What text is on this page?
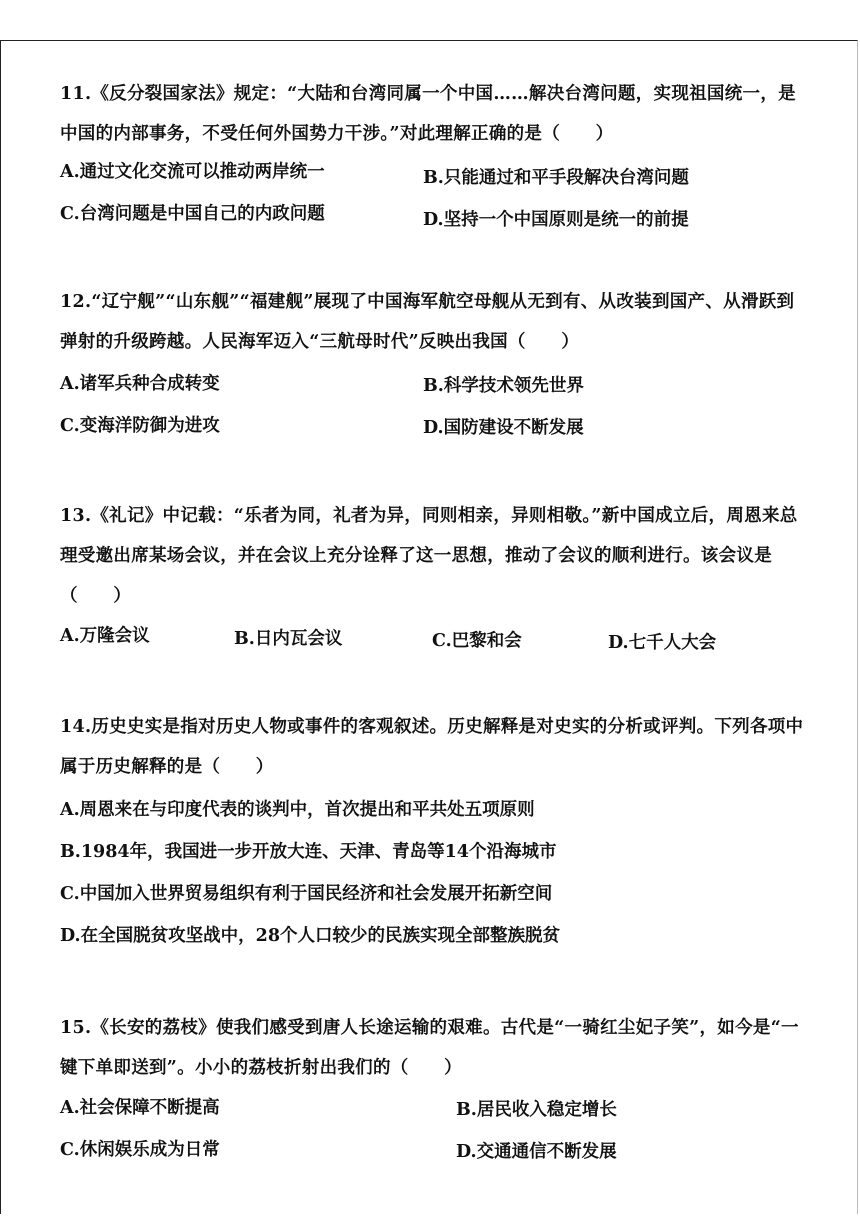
11.《反分裂国家法》规定：“大陆和台湾同属一个中国……解决台湾问题，实现祖国统一，是中国的内部事务，不受任何外国势力干涉。”对此理解正确的是（　　）

A.通过文化交流可以推动两岸统一	B.只能通过和平手段解决台湾问题
C.台湾问题是中国自己的内政问题	D.坚持一个中国原则是统一的前提

12.“辽宁舰”“山东舰”“福建舰”展现了中国海军航空母舰从无到有、从改装到国产、从滑跃到弹射的升级跨越。人民海军迈入“三航母时代”反映出我国（　　）

A.诸军兵种合成转变	B.科学技术领先世界
C.变海洋防御为进攻	D.国防建设不断发展

13.《礼记》中记载：“乐者为同，礼者为异，同则相亲，异则相敬。”新中国成立后，周恩来总理受邀出席某场会议，并在会议上充分诠释了这一思想，推动了会议的顺利进行。该会议是（　　）

A.万隆会议	B.日内瓦会议	C.巴黎和会	D.七千人大会

14.历史史实是指对历史人物或事件的客观叙述。历史解释是对史实的分析或评判。下列各项中属于历史解释的是（　　）

A.周恩来在与印度代表的谈判中，首次提出和平共处五项原则
B.1984年，我国进一步开放大连、天津、青岛等14个沿海城市
C.中国加入世界贸易组织有利于国民经济和社会发展开拓新空间
D.在全国脱贫攻坚战中，28个人口较少的民族实现全部整族脱贫

15.《长安的荔枝》使我们感受到唐人长途运输的艰难。古代是“一骑红尘妃子笑”，如今是“一键下单即送到”。小小的荔枝折射出我们的（　　）

A.社会保障不断提高	B.居民收入稳定增长
C.休闲娱乐成为日常	D.交通通信不断发展
